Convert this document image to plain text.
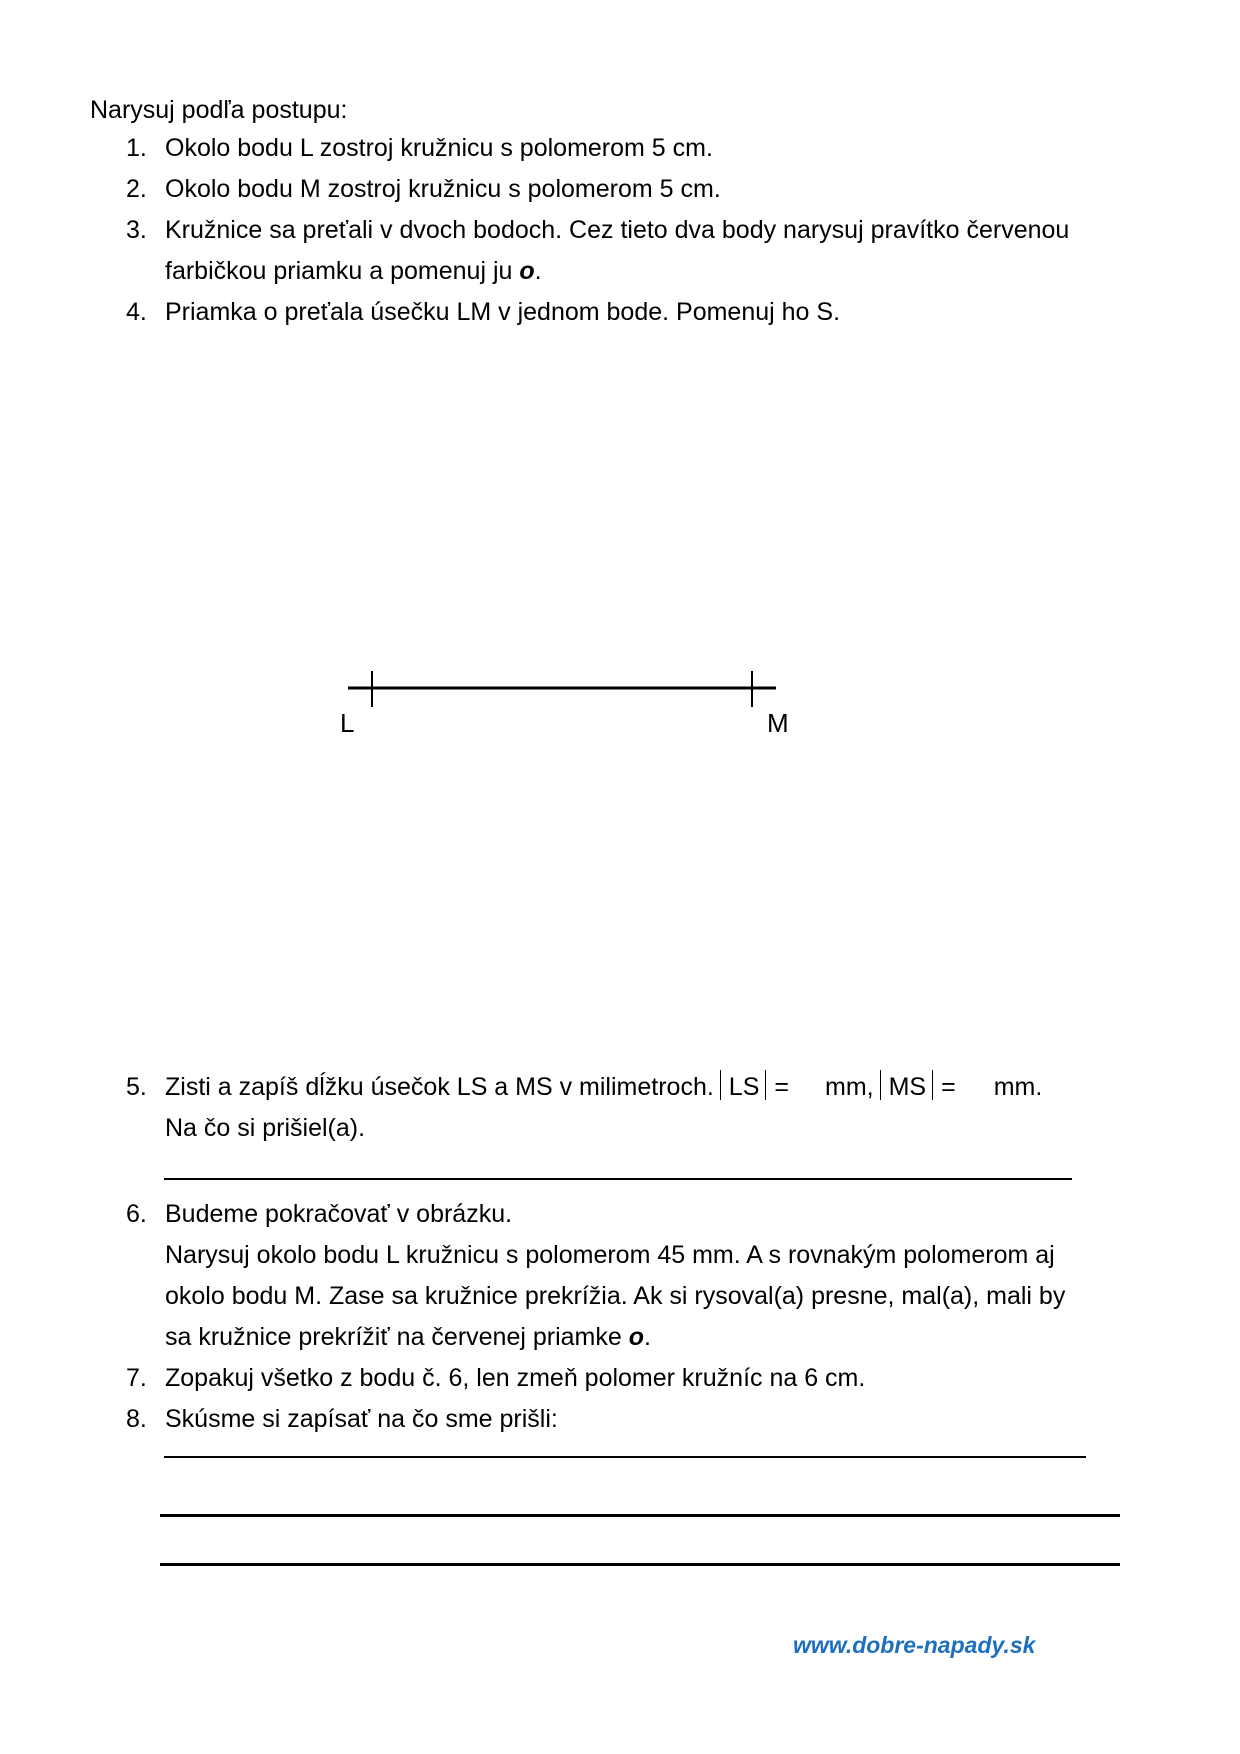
Narysuj podľa postupu:
1. Okolo bodu L zostroj kružnicu s polomerom 5 cm.
2. Okolo bodu M zostroj kružnicu s polomerom 5 cm.
3. Kružnice sa preťali v dvoch bodoch. Cez tieto dva body narysuj pravítko červenou
farbičkou priamku a pomenuj ju o.
4. Priamka o preťala úsečku LM v jednom bode. Pomenuj ho S.
L	M
5. Zisti a zapíš dĺžku úsečok LS a MS v milimetroch. LS = mm, MS = mm.
Na čo si prišiel(a).
6. Budeme pokračovať v obrázku.
Narysuj okolo bodu L kružnicu s polomerom 45 mm. A s rovnakým polomerom aj
okolo bodu M. Zase sa kružnice prekrížia. Ak si rysoval(a) presne, mal(a), mali by
sa kružnice prekrížiť na červenej priamke o.
7. Zopakuj všetko z bodu č. 6, len zmeň polomer kružníc na 6 cm.
8. Skúsme si zapísať na čo sme prišli:
www.dobre-napady.sk
